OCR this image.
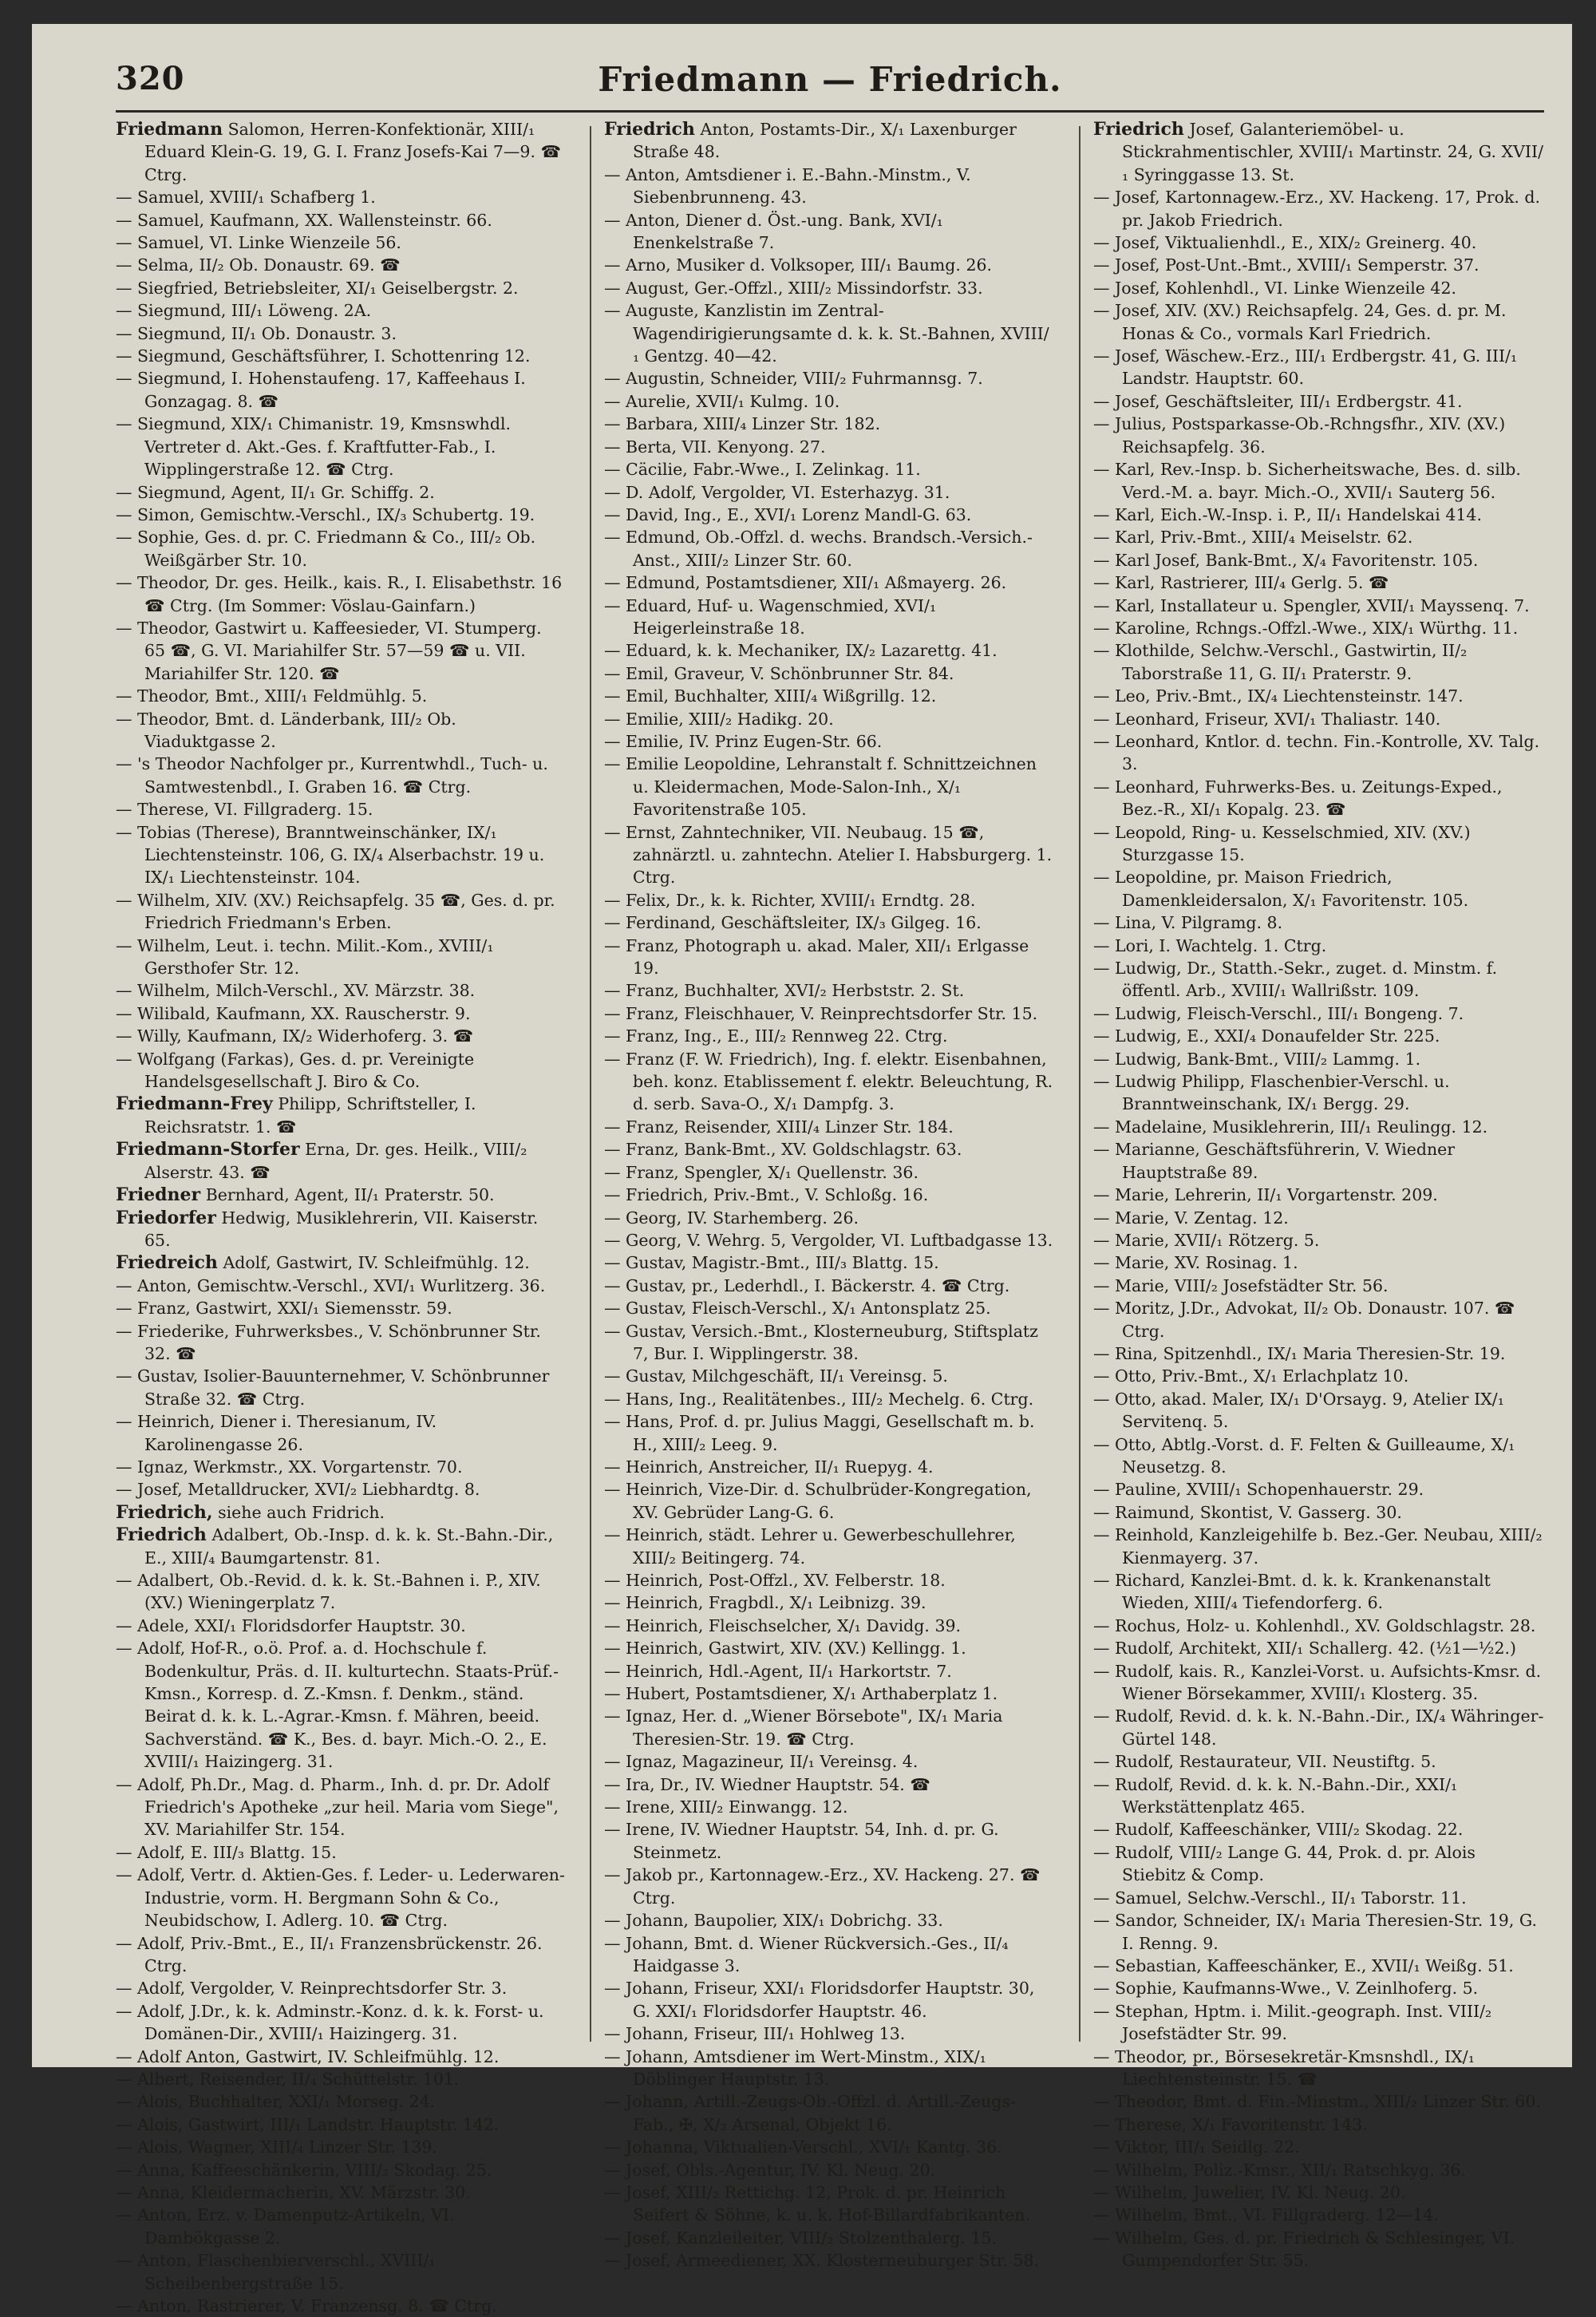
320	Friedmann — Friedrich.

Friedmann Salomon, Herren-Konfektionär, XIII/₁ Eduard Klein-G. 19, G. I. Franz Josefs-Kai 7—9. ☎ Ctrg.

— Samuel, XVIII/₁ Schafberg 1.

— Samuel, Kaufmann, XX. Wallensteinstr. 66.

— Samuel, VI. Linke Wienzeile 56.

— Selma, II/₂ Ob. Donaustr. 69. ☎

— Siegfried, Betriebsleiter, XI/₁ Geiselbergstr. 2.

— Siegmund, III/₁ Löweng. 2A.

— Siegmund, II/₁ Ob. Donaustr. 3.

— Siegmund, Geschäftsführer, I. Schottenring 12.

— Siegmund, I. Hohenstaufeng. 17, Kaffeehaus I. Gonzagag. 8. ☎

— Siegmund, XIX/₁ Chimanistr. 19, Kmsnswhdl. Vertreter d. Akt.-Ges. f. Kraftfutter-Fab., I. Wipplingerstraße 12. ☎ Ctrg.

— Siegmund, Agent, II/₁ Gr. Schiffg. 2.

— Simon, Gemischtw.-Verschl., IX/₃ Schubertg. 19.

— Sophie, Ges. d. pr. C. Friedmann & Co., III/₂ Ob. Weißgärber Str. 10.

— Theodor, Dr. ges. Heilk., kais. R., I. Elisabethstr. 16 ☎ Ctrg. (Im Sommer: Vöslau-Gainfarn.)

— Theodor, Gastwirt u. Kaffeesieder, VI. Stumperg. 65 ☎, G. VI. Mariahilfer Str. 57—59 ☎ u. VII. Mariahilfer Str. 120. ☎

— Theodor, Bmt., XIII/₁ Feldmühlg. 5.

— Theodor, Bmt. d. Länderbank, III/₂ Ob. Viaduktgasse 2.

— 's Theodor Nachfolger pr., Kurrentwhdl., Tuch- u. Samtwestenbdl., I. Graben 16. ☎ Ctrg.

— Therese, VI. Fillgraderg. 15.

— Tobias (Therese), Branntweinschänker, IX/₁ Liechtensteinstr. 106, G. IX/₄ Alserbachstr. 19 u. IX/₁ Liechtensteinstr. 104.

— Wilhelm, XIV. (XV.) Reichsapfelg. 35 ☎, Ges. d. pr. Friedrich Friedmann's Erben.

— Wilhelm, Leut. i. techn. Milit.-Kom., XVIII/₁ Gersthofer Str. 12.

— Wilhelm, Milch-Verschl., XV. Märzstr. 38.

— Wilibald, Kaufmann, XX. Rauscherstr. 9.

— Willy, Kaufmann, IX/₂ Widerhoferg. 3. ☎

— Wolfgang (Farkas), Ges. d. pr. Vereinigte Handelsgesellschaft J. Biro & Co.

Friedmann-Frey Philipp, Schriftsteller, I. Reichsratstr. 1. ☎

Friedmann-Storfer Erna, Dr. ges. Heilk., VIII/₂ Alserstr. 43. ☎

Friedner Bernhard, Agent, II/₁ Praterstr. 50.

Friedorfer Hedwig, Musiklehrerin, VII. Kaiserstr. 65.

Friedreich Adolf, Gastwirt, IV. Schleifmühlg. 12.

— Anton, Gemischtw.-Verschl., XVI/₁ Wurlitzerg. 36.

— Franz, Gastwirt, XXI/₁ Siemensstr. 59.

— Friederike, Fuhrwerksbes., V. Schönbrunner Str. 32. ☎

— Gustav, Isolier-Bauunternehmer, V. Schönbrunner Straße 32. ☎ Ctrg.

— Heinrich, Diener i. Theresianum, IV. Karolinengasse 26.

— Ignaz, Werkmstr., XX. Vorgartenstr. 70.

— Josef, Metalldrucker, XVI/₂ Liebhardtg. 8.

Friedrich, siehe auch Fridrich.

Friedrich Adalbert, Ob.-Insp. d. k. k. St.-Bahn.-Dir., E., XIII/₄ Baumgartenstr. 81.

— Adalbert, Ob.-Revid. d. k. k. St.-Bahnen i. P., XIV. (XV.) Wieningerplatz 7.

— Adele, XXI/₁ Floridsdorfer Hauptstr. 30.

— Adolf, Hof-R., o.ö. Prof. a. d. Hochschule f. Bodenkultur, Präs. d. II. kulturtechn. Staats-Prüf.-Kmsn., Korresp. d. Z.-Kmsn. f. Denkm., ständ. Beirat d. k. k. L.-Agrar.-Kmsn. f. Mähren, beeid. Sachverständ. ☎ K., Bes. d. bayr. Mich.-O. 2., E. XVIII/₁ Haizingerg. 31.

— Adolf, Ph.Dr., Mag. d. Pharm., Inh. d. pr. Dr. Adolf Friedrich's Apotheke „zur heil. Maria vom Siege", XV. Mariahilfer Str. 154.

— Adolf, E. III/₃ Blattg. 15.

— Adolf, Vertr. d. Aktien-Ges. f. Leder- u. Lederwaren-Industrie, vorm. H. Bergmann Sohn & Co., Neubidschow, I. Adlerg. 10. ☎ Ctrg.

— Adolf, Priv.-Bmt., E., II/₁ Franzensbrückenstr. 26. Ctrg.

— Adolf, Vergolder, V. Reinprechtsdorfer Str. 3.

— Adolf, J.Dr., k. k. Adminstr.-Konz. d. k. k. Forst- u. Domänen-Dir., XVIII/₁ Haizingerg. 31.

— Adolf Anton, Gastwirt, IV. Schleifmühlg. 12.

— Albert, Reisender, II/₄ Schüttelstr. 101.

— Alois, Buchhalter, XXI/₁ Morseg. 24.

— Alois, Gastwirt, III/₁ Landstr. Hauptstr. 142.

— Alois, Wagner, XIII/₄ Linzer Str. 139.

— Anna, Kaffeeschänkerin, VIII/₂ Skodag. 25.

— Anna, Kleidermacherin, XV. Märzstr. 30.

— Anton, Erz. v. Damenputz-Artikeln, VI. Dambökgasse 2.

— Anton, Flaschenbierverschl., XVIII/₁ Scheibenbergstraße 15.

— Anton, Rastrierer, V. Franzensg. 8. ☎ Ctrg.

Friedrich Anton, Postamts-Dir., X/₁ Laxenburger Straße 48.

— Anton, Amtsdiener i. E.-Bahn.-Minstm., V. Siebenbrunneng. 43.

— Anton, Diener d. Öst.-ung. Bank, XVI/₁ Enenkelstraße 7.

— Arno, Musiker d. Volksoper, III/₁ Baumg. 26.

— August, Ger.-Offzl., XIII/₂ Missindorfstr. 33.

— Auguste, Kanzlistin im Zentral-Wagendirigierungsamte d. k. k. St.-Bahnen, XVIII/₁ Gentzg. 40—42.

— Augustin, Schneider, VIII/₂ Fuhrmannsg. 7.

— Aurelie, XVII/₁ Kulmg. 10.

— Barbara, XIII/₄ Linzer Str. 182.

— Berta, VII. Kenyong. 27.

— Cäcilie, Fabr.-Wwe., I. Zelinkag. 11.

— D. Adolf, Vergolder, VI. Esterhazyg. 31.

— David, Ing., E., XVI/₁ Lorenz Mandl-G. 63.

— Edmund, Ob.-Offzl. d. wechs. Brandsch.-Versich.-Anst., XIII/₂ Linzer Str. 60.

— Edmund, Postamtsdiener, XII/₁ Aßmayerg. 26.

— Eduard, Huf- u. Wagenschmied, XVI/₁ Heigerleinstraße 18.

— Eduard, k. k. Mechaniker, IX/₂ Lazarettg. 41.

— Emil, Graveur, V. Schönbrunner Str. 84.

— Emil, Buchhalter, XIII/₄ Wißgrillg. 12.

— Emilie, XIII/₂ Hadikg. 20.

— Emilie, IV. Prinz Eugen-Str. 66.

— Emilie Leopoldine, Lehranstalt f. Schnittzeichnen u. Kleidermachen, Mode-Salon-Inh., X/₁ Favoritenstraße 105.

— Ernst, Zahntechniker, VII. Neubaug. 15 ☎, zahnärztl. u. zahntechn. Atelier I. Habsburgerg. 1. Ctrg.

— Felix, Dr., k. k. Richter, XVIII/₁ Erndtg. 28.

— Ferdinand, Geschäftsleiter, IX/₃ Gilgeg. 16.

— Franz, Photograph u. akad. Maler, XII/₁ Erlgasse 19.

— Franz, Buchhalter, XVI/₂ Herbststr. 2. St.

— Franz, Fleischhauer, V. Reinprechtsdorfer Str. 15.

— Franz, Ing., E., III/₂ Rennweg 22. Ctrg.

— Franz (F. W. Friedrich), Ing. f. elektr. Eisenbahnen, beh. konz. Etablissement f. elektr. Beleuchtung, R. d. serb. Sava-O., X/₁ Dampfg. 3.

— Franz, Reisender, XIII/₄ Linzer Str. 184.

— Franz, Bank-Bmt., XV. Goldschlagstr. 63.

— Franz, Spengler, X/₁ Quellenstr. 36.

— Friedrich, Priv.-Bmt., V. Schloßg. 16.

— Georg, IV. Starhemberg. 26.

— Georg, V. Wehrg. 5, Vergolder, VI. Luftbadgasse 13.

— Gustav, Magistr.-Bmt., III/₃ Blattg. 15.

— Gustav, pr., Lederhdl., I. Bäckerstr. 4. ☎ Ctrg.

— Gustav, Fleisch-Verschl., X/₁ Antonsplatz 25.

— Gustav, Versich.-Bmt., Klosterneuburg, Stiftsplatz 7, Bur. I. Wipplingerstr. 38.

— Gustav, Milchgeschäft, II/₁ Vereinsg. 5.

— Hans, Ing., Realitätenbes., III/₂ Mechelg. 6. Ctrg.

— Hans, Prof. d. pr. Julius Maggi, Gesellschaft m. b. H., XIII/₂ Leeg. 9.

— Heinrich, Anstreicher, II/₁ Ruepyg. 4.

— Heinrich, Vize-Dir. d. Schulbrüder-Kongregation, XV. Gebrüder Lang-G. 6.

— Heinrich, städt. Lehrer u. Gewerbeschullehrer, XIII/₂ Beitingerg. 74.

— Heinrich, Post-Offzl., XV. Felberstr. 18.

— Heinrich, Fragbdl., X/₁ Leibnizg. 39.

— Heinrich, Fleischselcher, X/₁ Davidg. 39.

— Heinrich, Gastwirt, XIV. (XV.) Kellingg. 1.

— Heinrich, Hdl.-Agent, II/₁ Harkortstr. 7.

— Hubert, Postamtsdiener, X/₁ Arthaberplatz 1.

— Ignaz, Her. d. „Wiener Börsebote", IX/₁ Maria Theresien-Str. 19. ☎ Ctrg.

— Ignaz, Magazineur, II/₁ Vereinsg. 4.

— Ira, Dr., IV. Wiedner Hauptstr. 54. ☎

— Irene, XIII/₂ Einwangg. 12.

— Irene, IV. Wiedner Hauptstr. 54, Inh. d. pr. G. Steinmetz.

— Jakob pr., Kartonnagew.-Erz., XV. Hackeng. 27. ☎ Ctrg.

— Johann, Baupolier, XIX/₁ Dobrichg. 33.

— Johann, Bmt. d. Wiener Rückversich.-Ges., II/₄ Haidgasse 3.

— Johann, Friseur, XXI/₁ Floridsdorfer Hauptstr. 30, G. XXI/₁ Floridsdorfer Hauptstr. 46.

— Johann, Friseur, III/₁ Hohlweg 13.

— Johann, Amtsdiener im Wert-Minstm., XIX/₁ Döblinger Hauptstr. 13.

— Johann, Artill.-Zeugs-Ob.-Offzl. d. Artill.-Zeugs-Fab., ✠, X/₂ Arsenal, Objekt 16.

— Johanna, Viktualien-Verschl., XVI/₁ Kantg. 36.

— Josef, Obls.-Agentur, IV. Kl. Neug. 20.

— Josef, XIII/₂ Rettichg. 12, Prok. d. pr. Heinrich Seifert & Söhne, k. u. k. Hof-Billardfabrikanten.

— Josef, Kanzleileiter, VIII/₂ Stolzenthalerg. 15.

— Josef, Armeediener, XX. Klosterneuburger Str. 58.

Friedrich Josef, Galanteriemöbel- u. Stickrahmentischler, XVIII/₁ Martinstr. 24, G. XVII/₁ Syringgasse 13. St.

— Josef, Kartonnagew.-Erz., XV. Hackeng. 17, Prok. d. pr. Jakob Friedrich.

— Josef, Viktualienhdl., E., XIX/₂ Greinerg. 40.

— Josef, Post-Unt.-Bmt., XVIII/₁ Semperstr. 37.

— Josef, Kohlenhdl., VI. Linke Wienzeile 42.

— Josef, XIV. (XV.) Reichsapfelg. 24, Ges. d. pr. M. Honas & Co., vormals Karl Friedrich.

— Josef, Wäschew.-Erz., III/₁ Erdbergstr. 41, G. III/₁ Landstr. Hauptstr. 60.

— Josef, Geschäftsleiter, III/₁ Erdbergstr. 41.

— Julius, Postsparkasse-Ob.-Rchngsfhr., XIV. (XV.) Reichsapfelg. 36.

— Karl, Rev.-Insp. b. Sicherheitswache, Bes. d. silb. Verd.-M. a. bayr. Mich.-O., XVII/₁ Sauterg 56.

— Karl, Eich.-W.-Insp. i. P., II/₁ Handelskai 414.

— Karl, Priv.-Bmt., XIII/₄ Meiselstr. 62.

— Karl Josef, Bank-Bmt., X/₄ Favoritenstr. 105.

— Karl, Rastrierer, III/₄ Gerlg. 5. ☎

— Karl, Installateur u. Spengler, XVII/₁ Mayssenq. 7.

— Karoline, Rchngs.-Offzl.-Wwe., XIX/₁ Würthg. 11.

— Klothilde, Selchw.-Verschl., Gastwirtin, II/₂ Taborstraße 11, G. II/₁ Praterstr. 9.

— Leo, Priv.-Bmt., IX/₄ Liechtensteinstr. 147.

— Leonhard, Friseur, XVI/₁ Thaliastr. 140.

— Leonhard, Kntlor. d. techn. Fin.-Kontrolle, XV. Talg. 3.

— Leonhard, Fuhrwerks-Bes. u. Zeitungs-Exped., Bez.-R., XI/₁ Kopalg. 23. ☎

— Leopold, Ring- u. Kesselschmied, XIV. (XV.) Sturzgasse 15.

— Leopoldine, pr. Maison Friedrich, Damenkleidersalon, X/₁ Favoritenstr. 105.

— Lina, V. Pilgramg. 8.

— Lori, I. Wachtelg. 1. Ctrg.

— Ludwig, Dr., Statth.-Sekr., zuget. d. Minstm. f. öffentl. Arb., XVIII/₁ Wallrißstr. 109.

— Ludwig, Fleisch-Verschl., III/₁ Bongeng. 7.

— Ludwig, E., XXI/₄ Donaufelder Str. 225.

— Ludwig, Bank-Bmt., VIII/₂ Lammg. 1.

— Ludwig Philipp, Flaschenbier-Verschl. u. Branntweinschank, IX/₁ Bergg. 29.

— Madelaine, Musiklehrerin, III/₁ Reulingg. 12.

— Marianne, Geschäftsführerin, V. Wiedner Hauptstraße 89.

— Marie, Lehrerin, II/₁ Vorgartenstr. 209.

— Marie, V. Zentag. 12.

— Marie, XVII/₁ Rötzerg. 5.

— Marie, XV. Rosinag. 1.

— Marie, VIII/₂ Josefstädter Str. 56.

— Moritz, J.Dr., Advokat, II/₂ Ob. Donaustr. 107. ☎ Ctrg.

— Rina, Spitzenhdl., IX/₁ Maria Theresien-Str. 19.

— Otto, Priv.-Bmt., X/₁ Erlachplatz 10.

— Otto, akad. Maler, IX/₁ D'Orsayg. 9, Atelier IX/₁ Servitenq. 5.

— Otto, Abtlg.-Vorst. d. F. Felten & Guilleaume, X/₁ Neusetzg. 8.

— Pauline, XVIII/₁ Schopenhauerstr. 29.

— Raimund, Skontist, V. Gasserg. 30.

— Reinhold, Kanzleigehilfe b. Bez.-Ger. Neubau, XIII/₂ Kienmayerg. 37.

— Richard, Kanzlei-Bmt. d. k. k. Krankenanstalt Wieden, XIII/₄ Tiefendorferg. 6.

— Rochus, Holz- u. Kohlenhdl., XV. Goldschlagstr. 28.

— Rudolf, Architekt, XII/₁ Schallerg. 42. (½1—½2.)

— Rudolf, kais. R., Kanzlei-Vorst. u. Aufsichts-Kmsr. d. Wiener Börsekammer, XVIII/₁ Klosterg. 35.

— Rudolf, Revid. d. k. k. N.-Bahn.-Dir., IX/₄ Währinger-Gürtel 148.

— Rudolf, Restaurateur, VII. Neustiftg. 5.

— Rudolf, Revid. d. k. k. N.-Bahn.-Dir., XXI/₁ Werkstättenplatz 465.

— Rudolf, Kaffeeschänker, VIII/₂ Skodag. 22.

— Rudolf, VIII/₂ Lange G. 44, Prok. d. pr. Alois Stiebitz & Comp.

— Samuel, Selchw.-Verschl., II/₁ Taborstr. 11.

— Sandor, Schneider, IX/₁ Maria Theresien-Str. 19, G. I. Renng. 9.

— Sebastian, Kaffeeschänker, E., XVII/₁ Weißg. 51.

— Sophie, Kaufmanns-Wwe., V. Zeinlhoferg. 5.

— Stephan, Hptm. i. Milit.-geograph. Inst. VIII/₂ Josefstädter Str. 99.

— Theodor, pr., Börsesekretär-Kmsnshdl., IX/₁ Liechtensteinstr. 15. ☎

— Theodor, Bmt. d. Fin.-Minstm., XIII/₂ Linzer Str. 60.

— Therese, X/₁ Favoritenstr. 143.

— Viktor, III/₁ Seidlg. 22.

— Wilhelm, Poliz.-Kmsr., XII/₁ Ratschkyg. 36.

— Wilhelm, Juwelier, IV. Kl. Neug. 20.

— Wilhelm, Bmt., VI. Fillgraderg. 12—14.

— Wilhelm, Ges. d. pr. Friedrich & Schlesinger, VI. Gumpendorfer Str. 55.
